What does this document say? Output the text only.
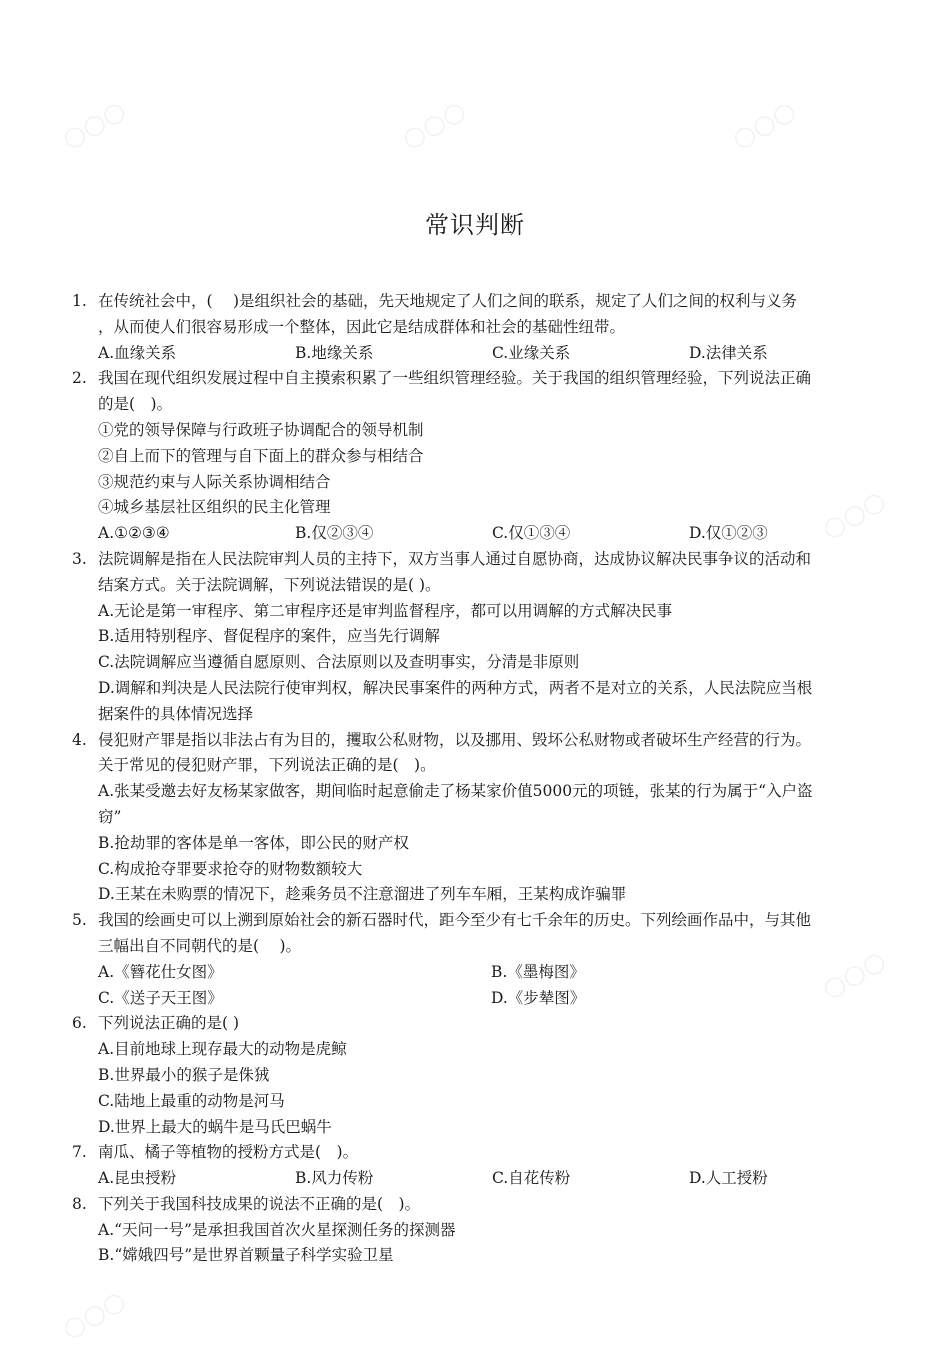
○○○	○○○	○○○
○○○
○○○
○○○
常识判断
1. 在传统社会中，(　 )是组织社会的基础，先天地规定了人们之间的联系，规定了人们之间的权利与义务
，从而使人们很容易形成一个整体，因此它是结成群体和社会的基础性纽带。
A.血缘关系	B.地缘关系	C.业缘关系	D.法律关系
2. 我国在现代组织发展过程中自主摸索积累了一些组织管理经验。关于我国的组织管理经验，下列说法正确
的是(　)。
①党的领导保障与行政班子协调配合的领导机制
②自上而下的管理与自下面上的群众参与相结合
③规范约束与人际关系协调相结合
④城乡基层社区组织的民主化管理
A.①②③④	B.仅②③④	C.仅①③④	D.仅①②③
3. 法院调解是指在人民法院审判人员的主持下，双方当事人通过自愿协商，达成协议解决民事争议的活动和
结案方式。关于法院调解，下列说法错误的是( )。
A.无论是第一审程序、第二审程序还是审判监督程序，都可以用调解的方式解决民事
B.适用特别程序、督促程序的案件，应当先行调解
C.法院调解应当遵循自愿原则、合法原则以及查明事实，分清是非原则
D.调解和判决是人民法院行使审判权，解决民事案件的两种方式，两者不是对立的关系，人民法院应当根
据案件的具体情况选择
4. 侵犯财产罪是指以非法占有为目的，攫取公私财物，以及挪用、毁坏公私财物或者破坏生产经营的行为。
关于常见的侵犯财产罪，下列说法正确的是(　)。
A.张某受邀去好友杨某家做客，期间临时起意偷走了杨某家价值5000元的项链，张某的行为属于“入户盗
窃”
B.抢劫罪的客体是单一客体，即公民的财产权
C.构成抢夺罪要求抢夺的财物数额较大
D.王某在未购票的情况下，趁乘务员不注意溜进了列车车厢，王某构成诈骗罪
5. 我国的绘画史可以上溯到原始社会的新石器时代，距今至少有七千余年的历史。下列绘画作品中，与其他
三幅出自不同朝代的是(　 )。
A.《簪花仕女图》	B.《墨梅图》
C.《送子天王图》	D.《步辇图》
6. 下列说法正确的是( )
A.目前地球上现存最大的动物是虎鲸
B.世界最小的猴子是侏狨
C.陆地上最重的动物是河马
D.世界上最大的蜗牛是马氏巴蜗牛
7. 南瓜、橘子等植物的授粉方式是(　)。
A.昆虫授粉	B.风力传粉	C.自花传粉	D.人工授粉
8. 下列关于我国科技成果的说法不正确的是(　)。
A.“天问一号”是承担我国首次火星探测任务的探测器
B.“嫦娥四号”是世界首颗量子科学实验卫星
